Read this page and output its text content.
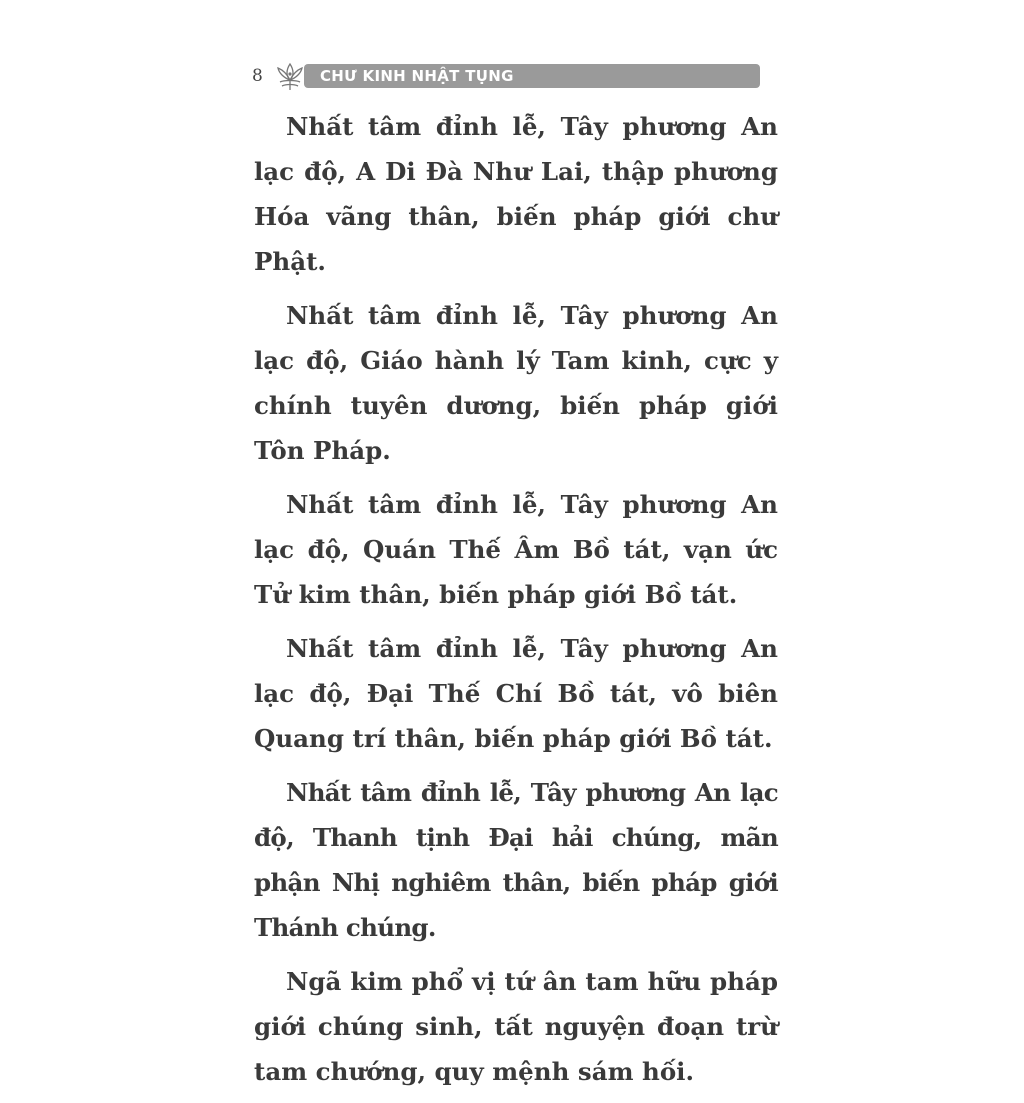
8	CHƯ KINH NHẬT TỤNG

Nhất tâm đỉnh lễ, Tây phương An lạc độ, A Di Đà Như Lai, thập phương Hóa vãng thân, biến pháp giới chư Phật.

Nhất tâm đỉnh lễ, Tây phương An lạc độ, Giáo hành lý Tam kinh, cực y chính tuyên dương, biến pháp giới Tôn Pháp.

Nhất tâm đỉnh lễ, Tây phương An lạc độ, Quán Thế Âm Bồ tát, vạn ức Tử kim thân, biến pháp giới Bồ tát.

Nhất tâm đỉnh lễ, Tây phương An lạc độ, Đại Thế Chí Bồ tát, vô biên Quang trí thân, biến pháp giới Bồ tát.

Nhất tâm đỉnh lễ, Tây phương An lạc độ, Thanh tịnh Đại hải chúng, mãn phận Nhị nghiêm thân, biến pháp giới Thánh chúng.

Ngã kim phổ vị tứ ân tam hữu pháp giới chúng sinh, tất nguyện đoạn trừ tam chướng, quy mệnh sám hối.
